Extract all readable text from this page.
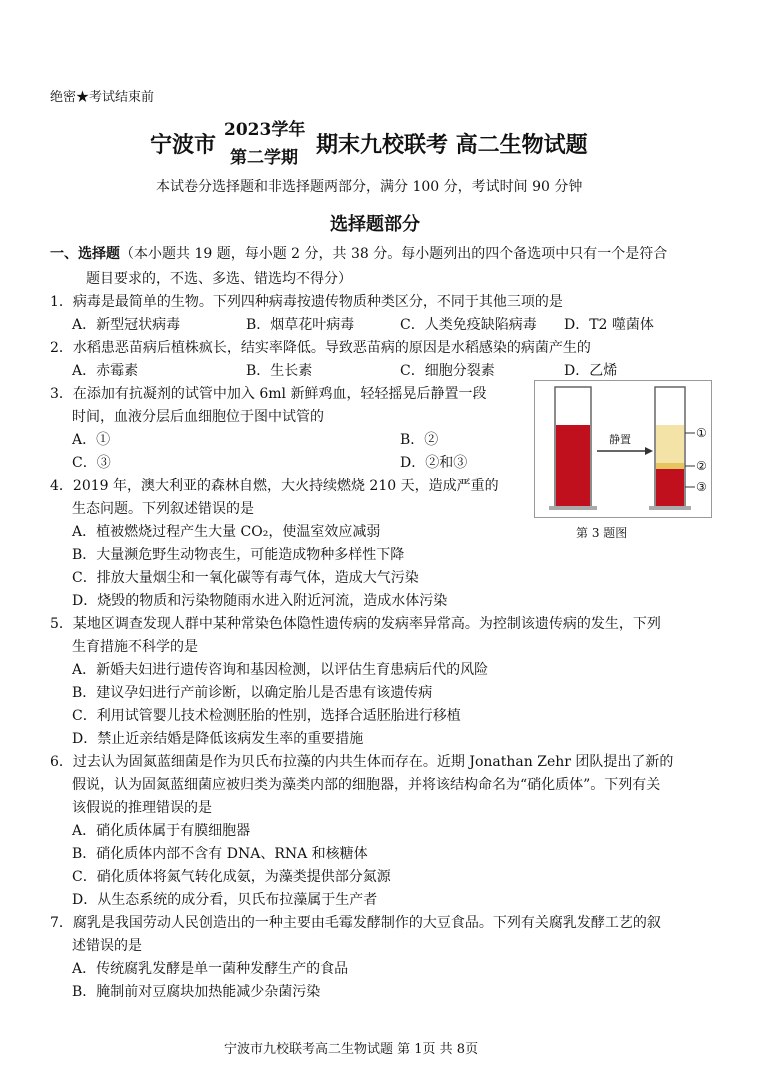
绝密★考试结束前
宁波市
2023学年
第二学期 期末九校联考 高二生物试题
本试卷分选择题和非选择题两部分，满分 100 分，考试时间 90 分钟
选择题部分
一、选择题（本小题共 19 题，每小题 2 分，共 38 分。每小题列出的四个备选项中只有一个是符合
题目要求的，不选、多选、错选均不得分）
1．病毒是最简单的生物。下列四种病毒按遗传物质种类区分，不同于其他三项的是
A．新型冠状病毒	B．烟草花叶病毒	C．人类免疫缺陷病毒 D．T2 噬菌体
2．水稻患恶苗病后植株疯长，结实率降低。导致恶苗病的原因是水稻感染的病菌产生的
A．赤霉素	B．生长素	C．细胞分裂素	D．乙烯
3．在添加有抗凝剂的试管中加入 6ml 新鲜鸡血，轻轻摇晃后静置一段
时间，血液分层后血细胞位于图中试管的
A．①	B．②
C．③	D．②和③
静置	①
②
③
第 3 题图
4．2019 年，澳大利亚的森林自燃，大火持续燃烧 210 天，造成严重的
生态问题。下列叙述错误的是
A．植被燃烧过程产生大量 CO₂，使温室效应减弱
B．大量濒危野生动物丧生，可能造成物种多样性下降
C．排放大量烟尘和一氧化碳等有毒气体，造成大气污染
D．烧毁的物质和污染物随雨水进入附近河流，造成水体污染
5．某地区调查发现人群中某种常染色体隐性遗传病的发病率异常高。为控制该遗传病的发生，下列
生育措施不科学的是
A．新婚夫妇进行遗传咨询和基因检测，以评估生育患病后代的风险
B．建议孕妇进行产前诊断，以确定胎儿是否患有该遗传病
C．利用试管婴儿技术检测胚胎的性别，选择合适胚胎进行移植
D．禁止近亲结婚是降低该病发生率的重要措施
6．过去认为固氮蓝细菌是作为贝氏布拉藻的内共生体而存在。近期 Jonathan Zehr 团队提出了新的
假说，认为固氮蓝细菌应被归类为藻类内部的细胞器，并将该结构命名为“硝化质体”。下列有关
该假说的推理错误的是
A．硝化质体属于有膜细胞器
B．硝化质体内部不含有 DNA、RNA 和核糖体
C．硝化质体将氮气转化成氨，为藻类提供部分氮源
D．从生态系统的成分看，贝氏布拉藻属于生产者
7．腐乳是我国劳动人民创造出的一种主要由毛霉发酵制作的大豆食品。下列有关腐乳发酵工艺的叙
述错误的是
A．传统腐乳发酵是单一菌种发酵生产的食品
B．腌制前对豆腐块加热能减少杂菌污染
宁波市九校联考高二生物试题 第 1页 共 8页
